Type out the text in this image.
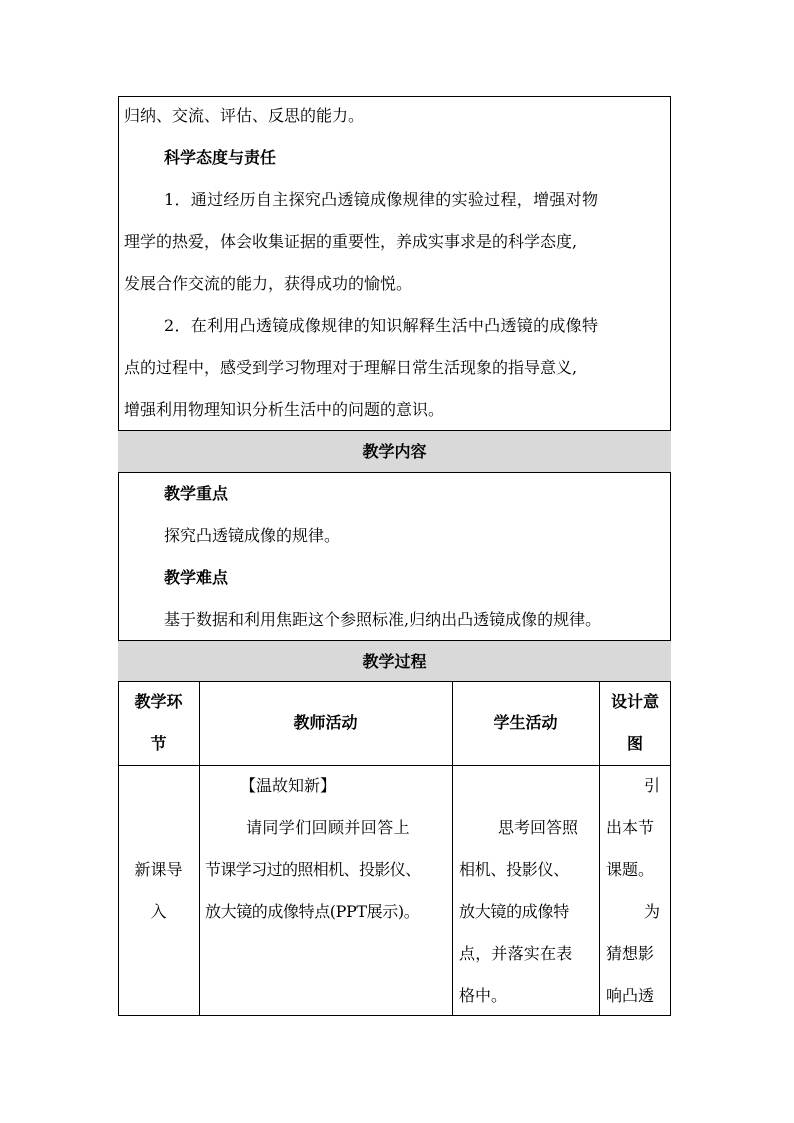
归纳、交流、评估、反思的能力。
科学态度与责任
1．通过经历自主探究凸透镜成像规律的实验过程，增强对物
理学的热爱，体会收集证据的重要性，养成实事求是的科学态度,
发展合作交流的能力，获得成功的愉悦。
2．在利用凸透镜成像规律的知识解释生活中凸透镜的成像特
点的过程中，感受到学习物理对于理解日常生活现象的指导意义,
增强利用物理知识分析生活中的问题的意识。
教学内容
教学重点
探究凸透镜成像的规律。
教学难点
基于数据和利用焦距这个参照标准,归纳出凸透镜成像的规律。
教学过程
教学环
节
教师活动	学生活动
设计意
图
新课导
入
【温故知新】
请同学们回顾并回答上
节课学习过的照相机、投影仪、
放大镜的成像特点(PPT展示)。
思考回答照
相机、投影仪、
放大镜的成像特
点，并落实在表
格中。
引
出本节
课题。
为
猜想影
响凸透
